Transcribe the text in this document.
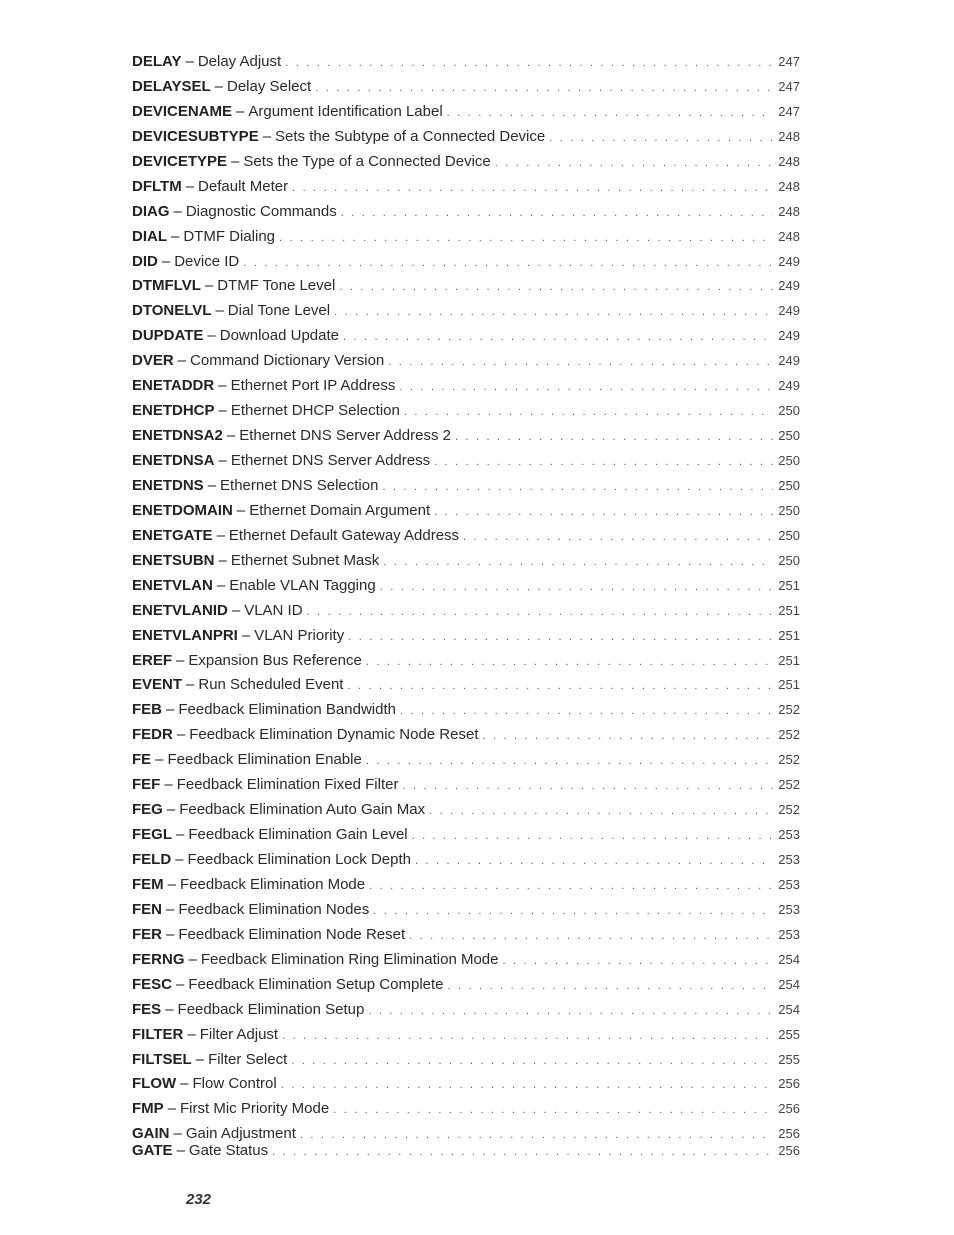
DELAY – Delay Adjust . . .	247
DELAYSEL – Delay Select . . .	247
DEVICENAME – Argument Identification Label . . .	247
DEVICESUBTYPE – Sets the Subtype of a Connected Device . . .	248
DEVICETYPE – Sets the Type of a Connected Device . . .	248
DFLTM – Default Meter . . .	248
DIAG – Diagnostic Commands . . .	248
DIAL – DTMF Dialing . . .	248
DID – Device ID . . .	249
DTMFLVL – DTMF Tone Level . . .	249
DTONELVL – Dial Tone Level . . .	249
DUPDATE – Download Update . . .	249
DVER – Command Dictionary Version . . .	249
ENETADDR – Ethernet Port IP Address . . .	249
ENETDHCP – Ethernet DHCP Selection . . .	250
ENETDNSA2 – Ethernet DNS Server Address 2 . . .	250
ENETDNSA – Ethernet DNS Server Address . . .	250
ENETDNS – Ethernet DNS Selection . . .	250
ENETDOMAIN – Ethernet Domain Argument . . .	250
ENETGATE – Ethernet Default Gateway Address . . .	250
ENETSUBN – Ethernet Subnet Mask . . .	250
ENETVLAN – Enable VLAN Tagging . . .	251
ENETVLANID – VLAN ID . . .	251
ENETVLANPRI – VLAN Priority . . .	251
EREF – Expansion Bus Reference . . .	251
EVENT – Run Scheduled Event . . .	251
FEB – Feedback Elimination Bandwidth . . .	252
FEDR – Feedback Elimination Dynamic Node Reset . . .	252
FE – Feedback Elimination Enable . . .	252
FEF – Feedback Elimination Fixed Filter . . .	252
FEG – Feedback Elimination Auto Gain Max . . .	252
FEGL – Feedback Elimination Gain Level . . .	253
FELD – Feedback Elimination Lock Depth . . .	253
FEM – Feedback Elimination Mode . . .	253
FEN – Feedback Elimination Nodes . . .	253
FER – Feedback Elimination Node Reset . . .	253
FERNG – Feedback Elimination Ring Elimination Mode . . .	254
FESC – Feedback Elimination Setup Complete . . .	254
FES – Feedback Elimination Setup . . .	254
FILTER – Filter Adjust . . .	255
FILTSEL – Filter Select . . .	255
FLOW – Flow Control . . .	256
FMP – First Mic Priority Mode . . .	256
GAIN – Gain Adjustment . . .	256
GATE – Gate Status . . .	256
232
